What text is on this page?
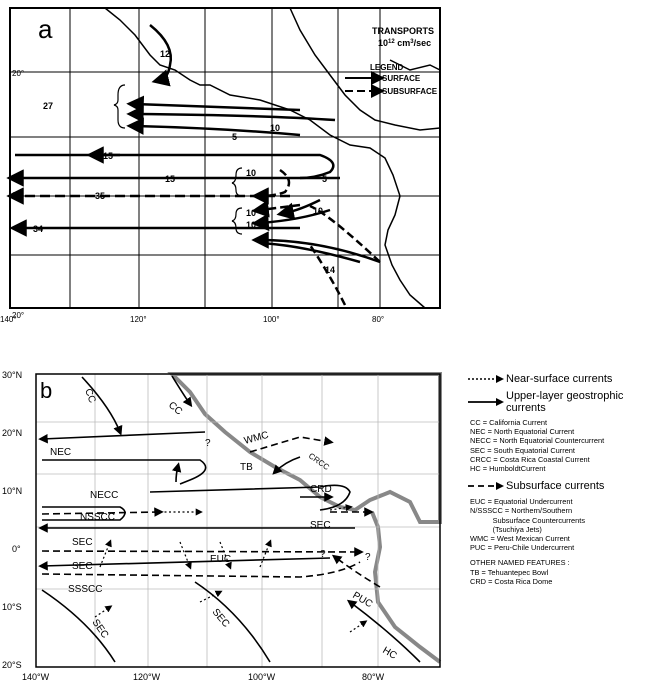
a	TRANSPORTS
$10^{12}$ $cm^3/\sec$
LEGEND
SURFACE
SUBSURFACE
20°
0°
20°
140°	120°	100°	80°
12
27
10
5
15
15
10
5
35
10
34	10
10
14
b
30°N
20°N
10°N
0°
10°S
20°S
140°W	120°W	100°W	80°W
CC
CC
NEC
WMC
CRCC
TB
CRD
NECC
NSSCC
SEC
SEC
EUC
SEC
SSSCC
PUC
SEC	SEC
HC
?
?	?
Near-surface currents
Upper-layer geostrophic currents
CC = California Current
NEC = North Equatorial Current
NECC = North Equatorial Countercurrent
SEC = South Equatorial Current
CRCC = Costa Rica Coastal Current
HC = HumboldtCurrent
Subsurface currents
EUC = Equatorial Undercurrent
N/SSSCC = Northern/Southern
Subsurface Countercurrents
(Tsuchiya Jets)
WMC = West Mexican Current
PUC = Peru-Chile Undercurrent
OTHER NAMED FEATURES :
TB = Tehuantepec Bowl
CRD = Costa Rica Dome
